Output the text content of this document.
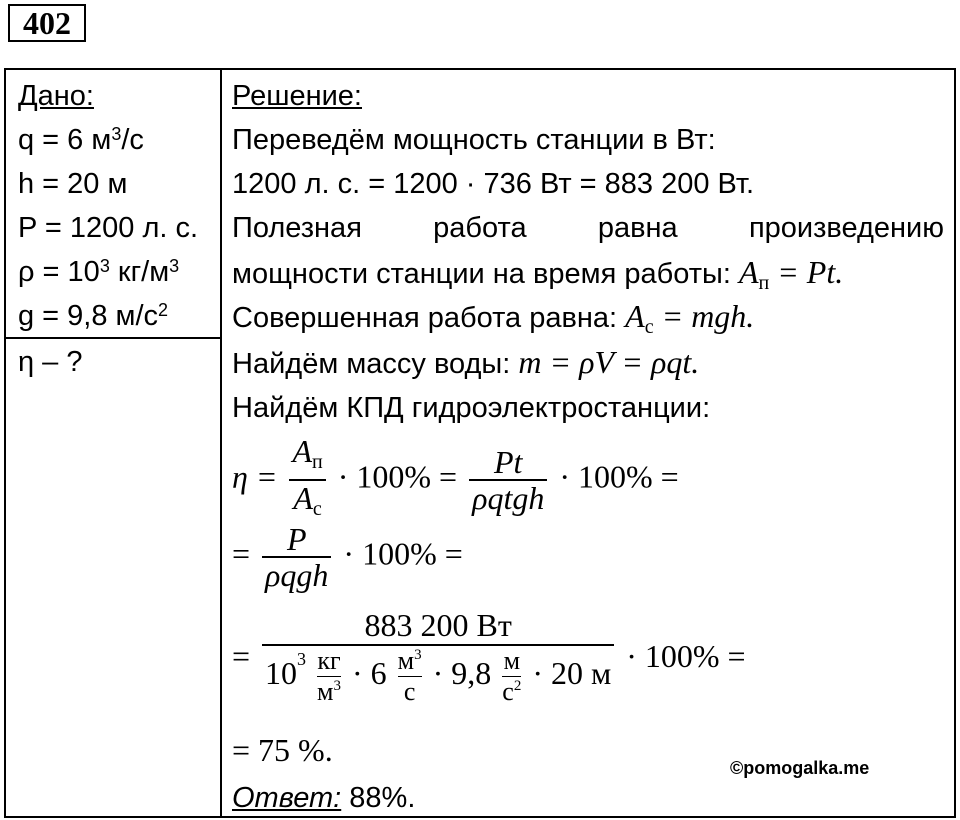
402
Дано:
q = 6 $м^3/с$
h = 20 м
P = 1200 л. с.
$\rho = 10^3$ $кг/м^3$
g = 9,8 $м/с^2$
η – ?
Решение:
Переведём мощность станции в Вт:
1200 л. с. = 1200 · 736 Вт = 883 200 Вт.
Полезная работа равна произведению
мощности станции на время работы: $A_п = Pt$.
Совершенная работа равна: $A_с$ = mgh.
Найдём массу воды: m = ρV = ρqt.
Найдём КПД гидроэлектростанции:
$\eta = \frac{A_п}{A_с} \cdot 100\% = \frac{Pt}{\text{ρqtgh}} \cdot 100\%$ =
= $\frac{P}{\text{ρqgh}} \cdot 100\%$ =
=
883 200 Вт
$10^3$ кг
$м^3 \cdot 6$ $м^3$
с
· 9,8 м
$с^2 \cdot 20$ м · 100% =
= 75 %.
Ответ: 88%.
©pomogalka.me
